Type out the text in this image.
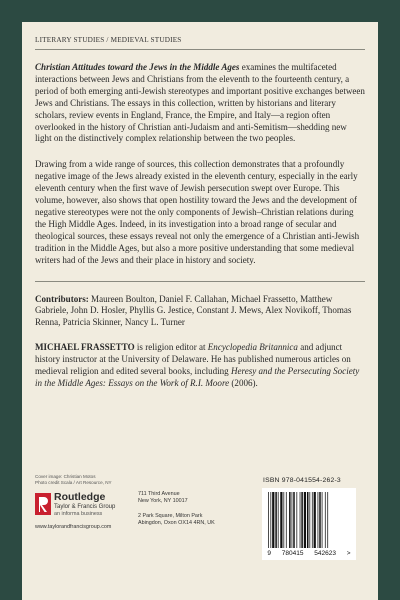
LITERARY STUDIES / MEDIEVAL STUDIES

Christian Attitudes toward the Jews in the Middle Ages examines the multifaceted interactions between Jews and Christians from the eleventh to the fourteenth century, a period of both emerging anti-Jewish stereotypes and important positive exchanges between Jews and Christians. The essays in this collection, written by historians and literary scholars, review events in England, France, the Empire, and Italy—a region often overlooked in the history of Christian anti-Judaism and anti-Semitism—shedding new light on the distinctively complex relationship between the two peoples.

Drawing from a wide range of sources, this collection demonstrates that a profoundly negative image of the Jews already existed in the eleventh century, especially in the early eleventh century when the first wave of Jewish persecution swept over Europe. This volume, however, also shows that open hostility toward the Jews and the development of negative stereotypes were not the only components of Jewish–Christian relations during the High Middle Ages. Indeed, in its investigation into a broad range of secular and theological sources, these essays reveal not only the emergence of a Christian anti-Jewish tradition in the Middle Ages, but also a more positive understanding that some medieval writers had of the Jews and their place in history and society.

Contributors: Maureen Boulton, Daniel F. Callahan, Michael Frassetto, Matthew Gabriele, John D. Hosler, Phyllis G. Jestice, Constant J. Mews, Alex Novikoff, Thomas Renna, Patricia Skinner, Nancy L. Turner

MICHAEL FRASSETTO is religion editor at Encyclopedia Britannica and adjunct history instructor at the University of Delaware. He has published numerous articles on medieval religion and edited several books, including Heresy and the Persecuting Society in the Middle Ages: Essays on the Work of R.I. Moore (2006).

Cover image: Christian Motos
Photo credit Scala / Art Resource, NY	ISBN 978-041554-262-3
9 780415 542623 >
Routledge
Taylor & Francis Group
an informa business
www.taylorandfrancisgroup.com
711 Third Avenue
New York, NY 10017
2 Park Square, Milton Park
Abingdon, Oxon OX14 4RN, UK
